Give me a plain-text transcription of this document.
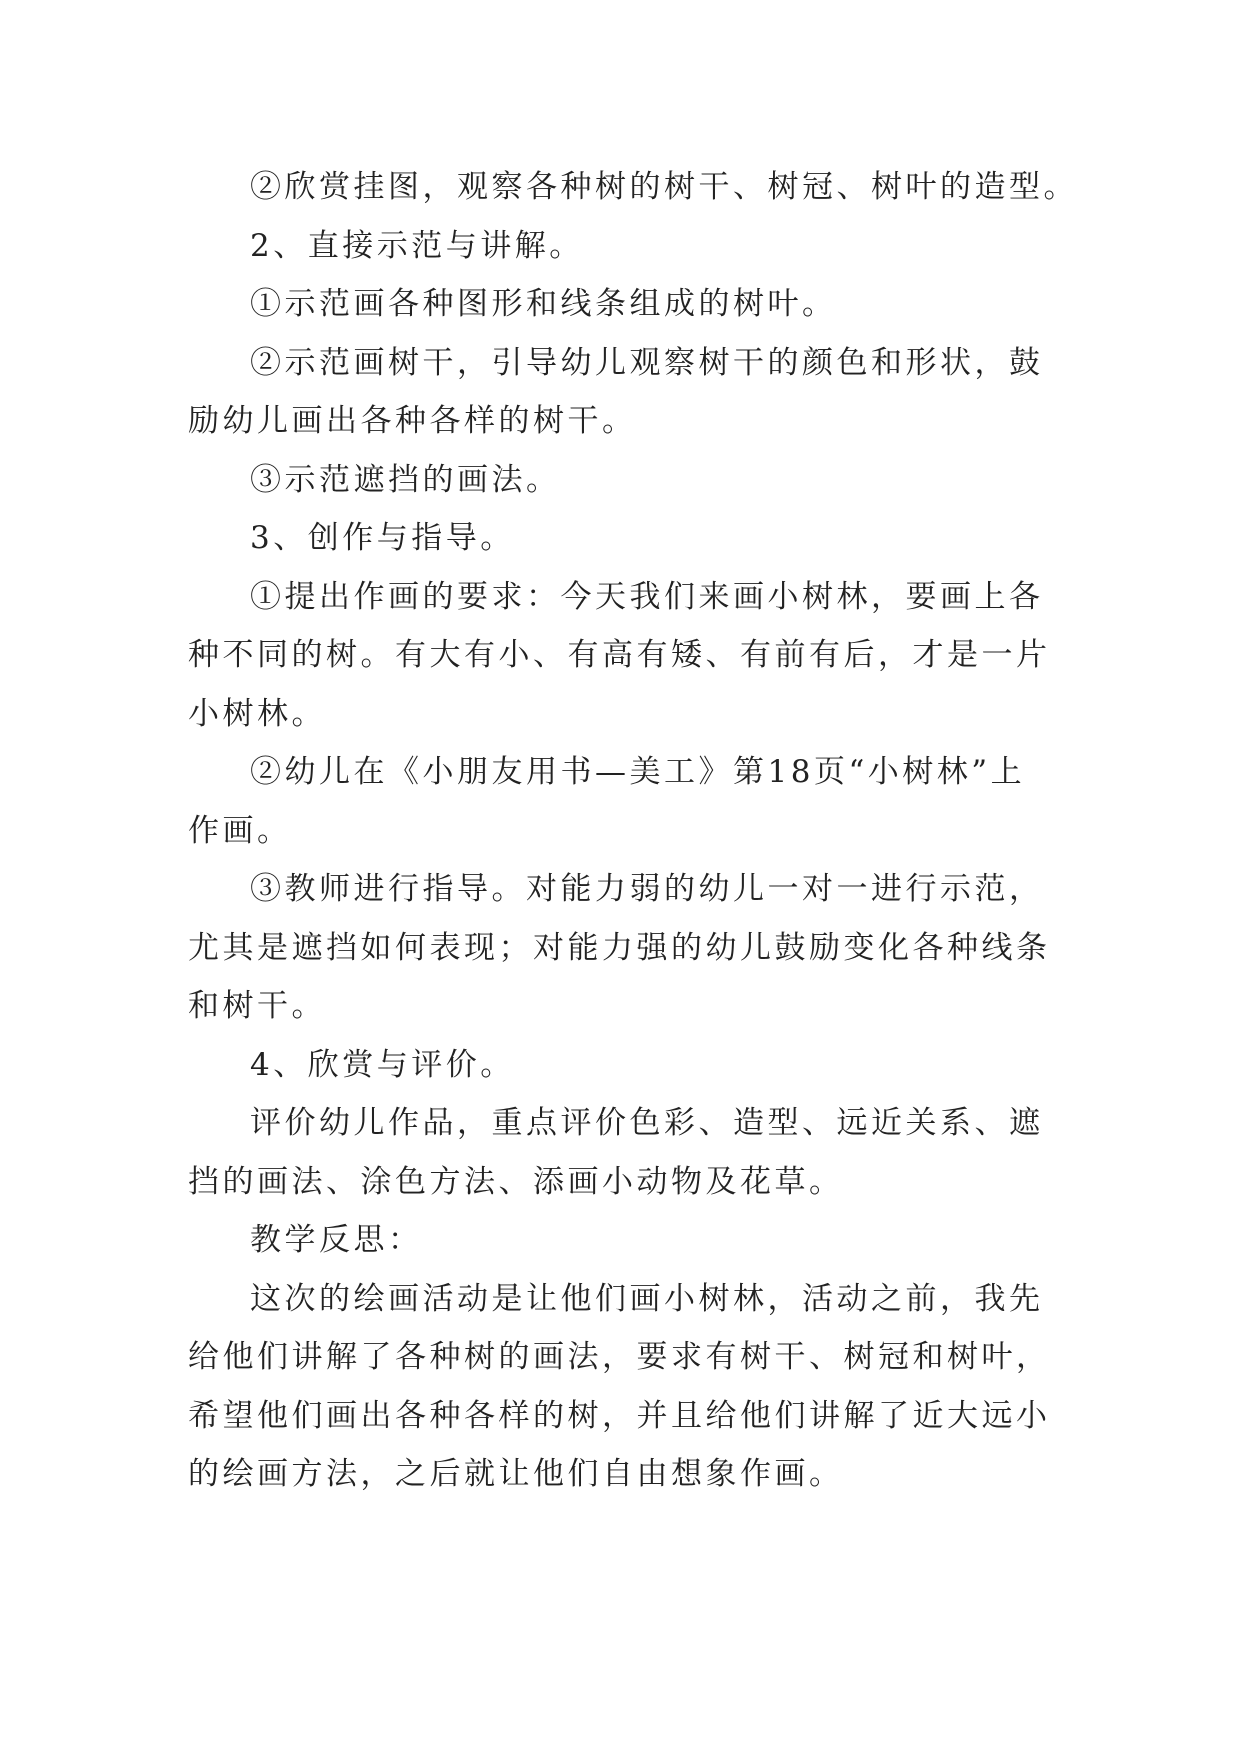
②欣赏挂图，观察各种树的树干、树冠、树叶的造型。

2、直接示范与讲解。

①示范画各种图形和线条组成的树叶。

②示范画树干，引导幼儿观察树干的颜色和形状，鼓励幼儿画出各种各样的树干。

③示范遮挡的画法。

3、创作与指导。

①提出作画的要求：今天我们来画小树林，要画上各种不同的树。有大有小、有高有矮、有前有后，才是一片小树林。

②幼儿在《小朋友用书—美工》第18页“小树林”上作画。

③教师进行指导。对能力弱的幼儿一对一进行示范，尤其是遮挡如何表现；对能力强的幼儿鼓励变化各种线条和树干。

4、欣赏与评价。

评价幼儿作品，重点评价色彩、造型、远近关系、遮挡的画法、涂色方法、添画小动物及花草。

教学反思：

这次的绘画活动是让他们画小树林，活动之前，我先给他们讲解了各种树的画法，要求有树干、树冠和树叶，希望他们画出各种各样的树，并且给他们讲解了近大远小的绘画方法，之后就让他们自由想象作画。
